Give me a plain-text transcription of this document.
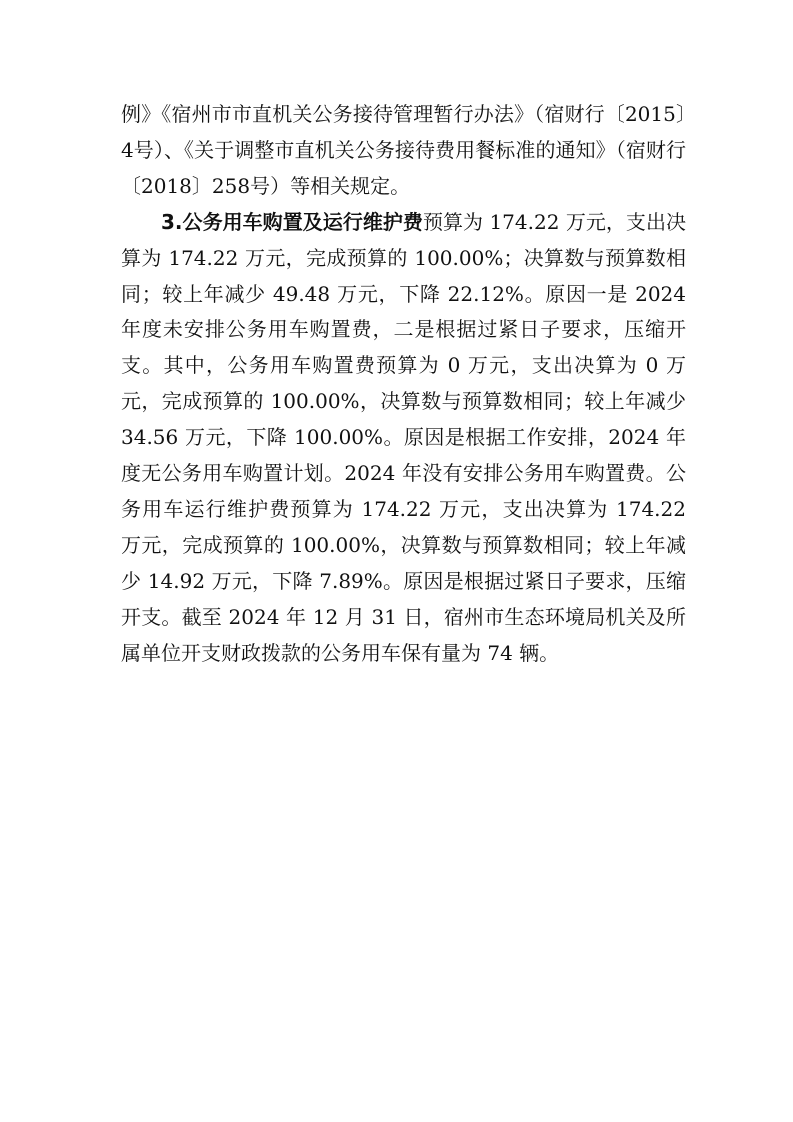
例》《宿州市市直机关公务接待管理暂行办法》（宿财行〔2015〕4号）、《关于调整市直机关公务接待费用餐标准的通知》（宿财行〔2018〕258号）等相关规定。

3.公务用车购置及运行维护费预算为 174.22 万元，支出决算为 174.22 万元，完成预算的 100.00%；决算数与预算数相同；较上年减少 49.48 万元，下降 22.12%。原因一是 2024 年度未安排公务用车购置费，二是根据过紧日子要求，压缩开支。其中，公务用车购置费预算为 0 万元，支出决算为 0 万元，完成预算的 100.00%，决算数与预算数相同；较上年减少 34.56 万元，下降 100.00%。原因是根据工作安排，2024 年度无公务用车购置计划。2024 年没有安排公务用车购置费。公务用车运行维护费预算为 174.22 万元，支出决算为 174.22 万元，完成预算的 100.00%，决算数与预算数相同；较上年减少 14.92 万元，下降 7.89%。原因是根据过紧日子要求，压缩开支。截至 2024 年 12 月 31 日，宿州市生态环境局机关及所属单位开支财政拨款的公务用车保有量为 74 辆。
